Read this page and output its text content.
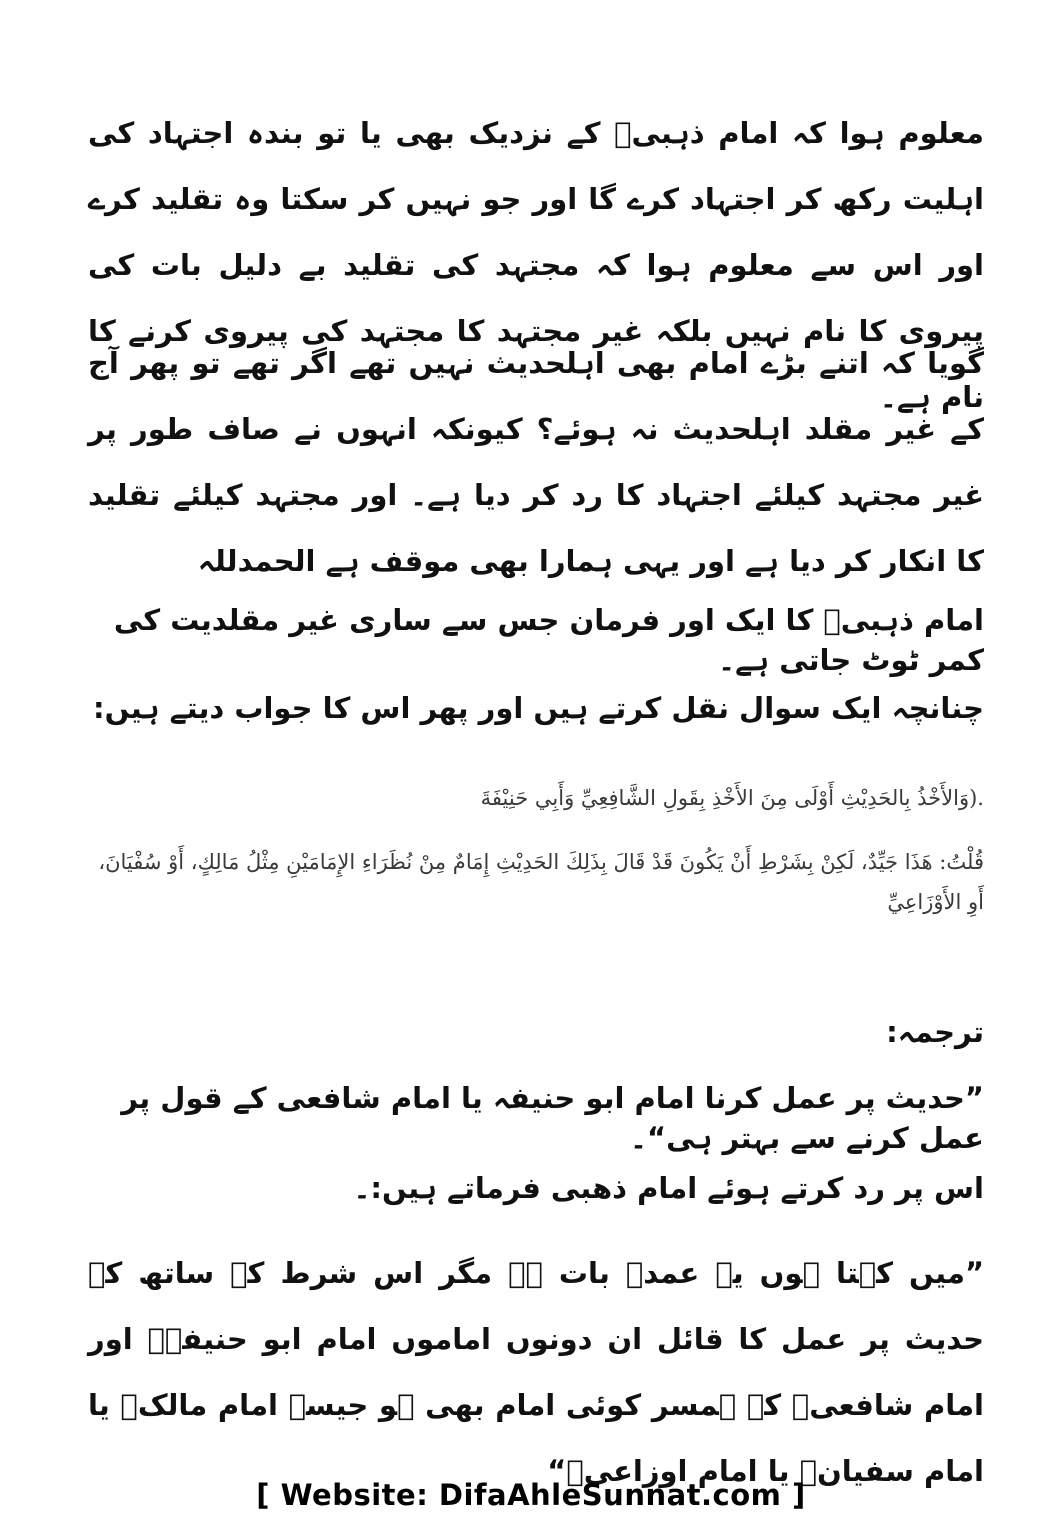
معلوم ہوا کہ امام ذہبیؒ کے نزدیک بھی یا تو بندہ اجتہاد کی اہلیت رکھ کر اجتہاد کرے گا اور جو نہیں کر سکتا وہ تقلید کرے اور اس سے معلوم ہوا کہ مجتہد کی تقلید بے دلیل بات کی پیروی کا نام نہیں بلکہ غیر مجتہد کا مجتہد کی پیروی کرنے کا نام ہے۔
گویا کہ اتنے بڑے امام بھی اہلحدیث نہیں تھے اگر تھے تو پھر آج کے غیر مقلد اہلحدیث نہ ہوئے؟ کیونکہ انہوں نے صاف طور پر غیر مجتہد کیلئے اجتہاد کا رد کر دیا ہے۔ اور مجتہد کیلئے تقلید کا انکار کر دیا ہے اور یہی ہمارا بھی موقف ہے الحمدللہ
امام ذہبیؒ کا ایک اور فرمان جس سے ساری غیر مقلدیت کی کمر ٹوٹ جاتی ہے۔
چنانچہ ایک سوال نقل کرتے ہیں اور پھر اس کا جواب دیتے ہیں:
.(وَالأَخْذُ بِالحَدِيْثِ أَوْلَى مِنَ الأَخْذِ بِقَولِ الشَّافِعِيِّ وَأَبِي حَنِيْفَةَ
قُلْتُ: هَذَا جَيِّدٌ، لَكِنْ بِشَرْطِ أَنْ يَكُونَ قَدْ قَالَ بِذَلِكَ الحَدِيْثِ إِمَامٌ مِنْ نُظَرَاءِ الإِمَامَيْنِ مِثْلُ مَالِكٍ، أَوْ سُفْيَانَ، أَوِ الأَوْزَاعِيِّ
ترجمہ:
”حدیث پر عمل کرنا امام ابو حنیفہ یا امام شافعی کے قول پر عمل کرنے سے بہتر ہی“۔
اس پر رد کرتے ہوئے امام ذھبی فرماتے ہیں:۔
”میں کہتا ہوں یہ عمدہ بات ہے مگر اس شرط کے ساتھ کہ حدیث پر عمل کا قائل ان دونوں اماموں امام ابو حنیفہؒ اور امام شافعیؒ کے ہمسر کوئی امام بھی ہو جیسے امام مالکؒ یا امام سفیانؒ یا امام اوزاعیؒ“
[ Website: DifaAhleSunnat.com ]
